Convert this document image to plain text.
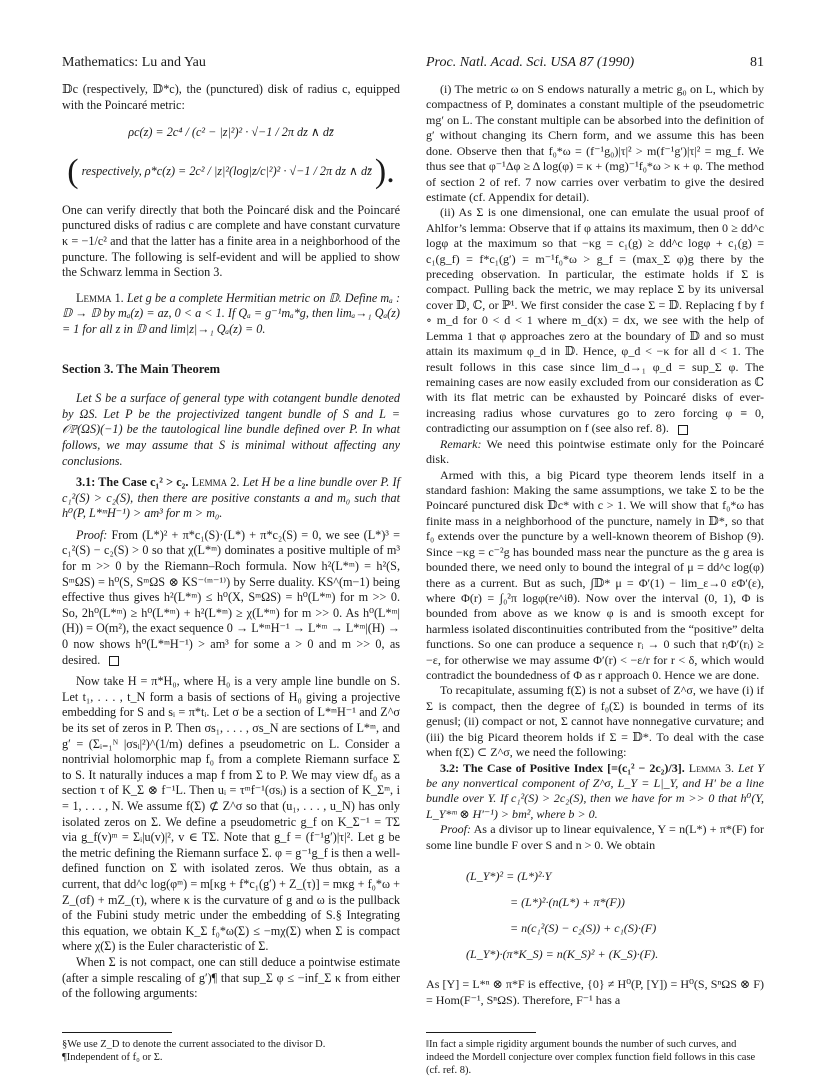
Mathematics: Lu and Yau	Proc. Natl. Acad. Sci. USA 87 (1990)	81

𝔻c (respectively, 𝔻*c), the (punctured) disk of radius c, equipped with the Poincaré metric:

ρc(z) = 2c⁴ / (c² − |z|²)² · √−1 / 2π dz ∧ dz̄
( respectively, ρ*c(z) = 2c² / |z|²(log|z/c|²)² · √−1 / 2π dz ∧ dz̄ ).

One can verify directly that both the Poincaré disk and the Poincaré punctured disks of radius c are complete and have constant curvature κ = −1/c² and that the latter has a finite area in a neighborhood of the puncture. The following is self-evident and will be applied to show the Schwarz lemma in Section 3.

Lemma 1. Let g be a complete Hermitian metric on 𝔻. Define mₐ : 𝔻 → 𝔻 by mₐ(z) = az, 0 < a < 1. If Qₐ = g⁻¹mₐ*g, then limₐ→₁ Qₐ(z) = 1 for all z in 𝔻 and lim|z|→₁ Qₐ(z) = 0.

Section 3. The Main Theorem

Let S be a surface of general type with cotangent bundle denoted by ΩS. Let P be the projectivized tangent bundle of S and L = 𝒪ℙ(ΩS)(−1) be the tautological line bundle defined over P. In what follows, we may assume that S is minimal without affecting any conclusions.

3.1: The Case c₁² > c₂. Lemma 2. Let H be a line bundle over P. If c₁²(S) > c₂(S), then there are positive constants a and m₀ such that h⁰(P, L*ᵐH⁻¹) > am³ for m > m₀.

Proof: From (L*)² + π*c₁(S)·(L*) + π*c₂(S) = 0, we see (L*)³ = c₁²(S) − c₂(S) > 0 so that χ(L*ᵐ) dominates a positive multiple of m³ for m >> 0 by the Riemann–Roch formula. Now h²(L*ᵐ) = h²(S, SᵐΩS) = h⁰(S, SᵐΩS ⊗ KS⁻⁽ᵐ⁻¹⁾) by Serre duality. KS^(m−1) being effective thus gives h²(L*ᵐ) ≤ h⁰(X, SᵐΩS) = h⁰(L*ᵐ) for m >> 0. So, 2h⁰(L*ᵐ) ≥ h⁰(L*ᵐ) + h²(L*ᵐ) ≥ χ(L*ᵐ) for m >> 0. As h⁰(L*ᵐ|(H)) = O(m²), the exact sequence 0 → L*ᵐH⁻¹ → L*ᵐ → L*ᵐ|(H) → 0 now shows h⁰(L*ᵐH⁻¹) > am³ for some a > 0 and m >> 0, as desired.

Now take H = π*H₀, where H₀ is a very ample line bundle on S. Let t₁, . . . , t_N form a basis of sections of H₀ giving a projective embedding for S and sᵢ = π*tᵢ. Let σ be a section of L*ᵐH⁻¹ and Z^σ be its set of zeros in P. Then σs₁, . . . , σs_N are sections of L*ᵐ, and g′ = (Σᵢ₌₁ᴺ |σsᵢ|²)^(1/m) defines a pseudometric on L. Consider a nontrivial holomorphic map f₀ from a complete Riemann surface Σ to S. It naturally induces a map f from Σ to P. We may view df₀ as a section τ of K_Σ ⊗ f⁻¹L. Then uᵢ = τᵐf⁻¹(σsᵢ) is a section of K_Σᵐ, i = 1, . . . , N. We assume f(Σ) ⊄ Z^σ so that (u₁, . . . , u_N) has only isolated zeros on Σ. We define a pseudometric g_f on K_Σ⁻¹ = TΣ via g_f(v)ᵐ = Σᵢ|u(v)|², v ∈ TΣ. Note that g_f = (f⁻¹g′)|τ|². Let g be the metric defining the Riemann surface Σ. φ = g⁻¹g_f is then a well-defined function on Σ with isolated zeros. We thus obtain, as a current, that dd^c log(φᵐ) = m[κg + f*c₁(g′) + Z_(τ)] = mκg + f₀*ω + Z_(σf) + mZ_(τ), where κ is the curvature of g and ω is the pullback of the Fubini study metric under the embedding of S.§ Integrating this equation, we obtain K_Σ f₀*ω(Σ) ≤ −mχ(Σ) when Σ is compact where χ(Σ) is the Euler characteristic of Σ.

When Σ is not compact, one can still deduce a pointwise estimate (after a simple rescaling of g′)¶ that sup_Σ φ ≤ −inf_Σ κ from either of the following arguments:

(i) The metric ω on S endows naturally a metric g₀ on L, which by compactness of P, dominates a constant multiple of the pseudometric mg′ on L. The constant multiple can be absorbed into the definition of g′ without changing its Chern form, and we assume this has been done. Observe then that f₀*ω = (f⁻¹g₀)|τ|² > m(f⁻¹g′)|τ|² = mg_f. We thus see that φ⁻¹Δφ ≥ Δ log(φ) = κ + (mg)⁻¹f₀*ω > κ + φ. The method of section 2 of ref. 7 now carries over verbatim to give the desired estimate (cf. Appendix for detail).

(ii) As Σ is one dimensional, one can emulate the usual proof of Ahlfor’s lemma: Observe that if φ attains its maximum, then 0 ≥ dd^c logφ at the maximum so that −κg = c₁(g) ≥ dd^c logφ + c₁(g) = c₁(g_f) = f*c₁(g′) = m⁻¹f₀*ω > g_f = (max_Σ φ)g there by the preceding observation. In particular, the estimate holds if Σ is compact. Pulling back the metric, we may replace Σ by its universal cover 𝔻, ℂ, or ℙ¹. We first consider the case Σ = 𝔻. Replacing f by f ∘ m_d for 0 < d < 1 where m_d(x) = dx, we see with the help of Lemma 1 that φ approaches zero at the boundary of 𝔻 and so must attain its maximum φ_d in 𝔻. Hence, φ_d < −κ for all d < 1. The result follows in this case since lim_d→₁ φ_d = sup_Σ φ. The remaining cases are now easily excluded from our consideration as ℂ with its flat metric can be exhausted by Poincaré disks of ever-increasing radius whose curvatures go to zero forcing φ ≡ 0, contradicting our assumption on f (see also ref. 8).

Remark: We need this pointwise estimate only for the Poincaré disk.

Armed with this, a big Picard type theorem lends itself in a standard fashion: Making the same assumptions, we take Σ to be the Poincaré punctured disk 𝔻c* with c > 1. We will show that f₀*ω has finite mass in a neighborhood of the puncture, namely in 𝔻*, so that f₀ extends over the puncture by a well-known theorem of Bishop (9). Since −κg = c⁻²g has bounded mass near the puncture as the g area is bounded there, we need only to bound the integral of μ = dd^c log(φ) there as a current. But as such, ∫𝔻* μ = Φ′(1) − lim_ε→0 εΦ′(ε), where Φ(r) = ∫₀²π logφ(re^iθ). Now over the interval (0, 1), Φ is bounded from above as we know φ is and is smooth except for harmless isolated discontinuities contributed from the “positive” delta functions. So one can produce a sequence rᵢ → 0 such that rᵢΦ′(rᵢ) ≥ −ε, for otherwise we may assume Φ′(r) < −ε/r for r < δ, which would contradict the boundedness of Φ as r approach 0. Hence we are done.

To recapitulate, assuming f(Σ) is not a subset of Z^σ, we have (i) if Σ is compact, then the degree of f₀(Σ) is bounded in terms of its genus‖; (ii) compact or not, Σ cannot have nonnegative curvature; and (iii) the big Picard theorem holds if Σ = 𝔻*. To deal with the case when f(Σ) ⊂ Z^σ, we need the following:

3.2: The Case of Positive Index [=(c₁² − 2c₂)/3]. Lemma 3. Let Y be any nonvertical component of Z^σ, L_Y = L|_Y, and H′ be a line bundle over Y. If c₁²(S) > 2c₂(S), then we have for m >> 0 that h⁰(Y, L_Y*ᵐ ⊗ H′⁻¹) > bm², where b > 0.

Proof: As a divisor up to linear equivalence, Y = n(L*) + π*(F) for some line bundle F over S and n > 0. We obtain

(L_Y*)² = (L*)²·Y
= (L*)²·(n(L*) + π*(F))
= n(c₁²(S) − c₂(S)) + c₁(S)·(F)
(L_Y*)·(π*K_S) = n(K_S)² + (K_S)·(F).

As [Y] = L*ⁿ ⊗ π*F is effective, {0} ≠ H⁰(P, [Y]) = H⁰(S, SⁿΩS ⊗ F) = Hom(F⁻¹, SⁿΩS). Therefore, F⁻¹ has a

§We use Z_D to denote the current associated to the divisor D.
¶Independent of f₀ or Σ.
‖In fact a simple rigidity argument bounds the number of such curves, and indeed the Mordell conjecture over complex function field follows in this case (cf. ref. 8).
